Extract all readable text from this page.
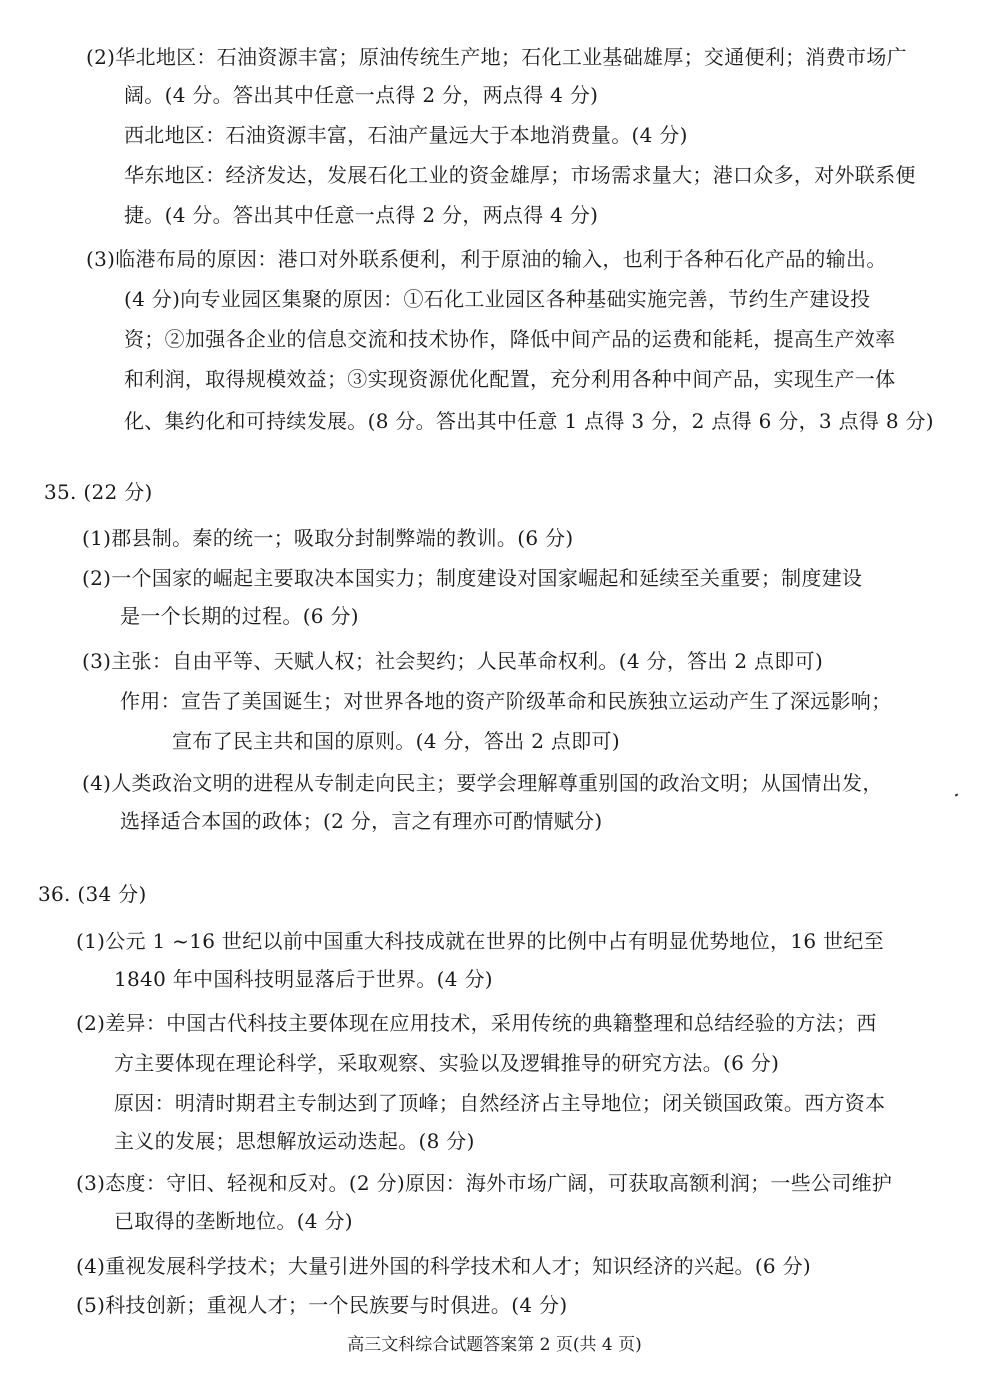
(2)华北地区：石油资源丰富；原油传统生产地；石化工业基础雄厚；交通便利；消费市场广
阔。(4 分。答出其中任意一点得 2 分，两点得 4 分)
西北地区：石油资源丰富，石油产量远大于本地消费量。(4 分)
华东地区：经济发达，发展石化工业的资金雄厚；市场需求量大；港口众多，对外联系便
捷。(4 分。答出其中任意一点得 2 分，两点得 4 分)
(3)临港布局的原因：港口对外联系便利，利于原油的输入，也利于各种石化产品的输出。
(4 分)向专业园区集聚的原因：①石化工业园区各种基础实施完善，节约生产建设投
资；②加强各企业的信息交流和技术协作，降低中间产品的运费和能耗，提高生产效率
和利润，取得规模效益；③实现资源优化配置，充分利用各种中间产品，实现生产一体
化、集约化和可持续发展。(8 分。答出其中任意 1 点得 3 分，2 点得 6 分，3 点得 8 分)
35. (22 分)
(1)郡县制。秦的统一；吸取分封制弊端的教训。(6 分)
(2)一个国家的崛起主要取决本国实力；制度建设对国家崛起和延续至关重要；制度建设
是一个长期的过程。(6 分)
(3)主张：自由平等、天赋人权；社会契约；人民革命权利。(4 分，答出 2 点即可)
作用：宣告了美国诞生；对世界各地的资产阶级革命和民族独立运动产生了深远影响；
宣布了民主共和国的原则。(4 分，答出 2 点即可)
(4)人类政治文明的进程从专制走向民主；要学会理解尊重别国的政治文明；从国情出发，
选择适合本国的政体；(2 分，言之有理亦可酌情赋分)
36. (34 分)
(1)公元 1 ~16 世纪以前中国重大科技成就在世界的比例中占有明显优势地位，16 世纪至
1840 年中国科技明显落后于世界。(4 分)
(2)差异：中国古代科技主要体现在应用技术，采用传统的典籍整理和总结经验的方法；西
方主要体现在理论科学，采取观察、实验以及逻辑推导的研究方法。(6 分)
原因：明清时期君主专制达到了顶峰；自然经济占主导地位；闭关锁国政策。西方资本
主义的发展；思想解放运动迭起。(8 分)
(3)态度：守旧、轻视和反对。(2 分)原因：海外市场广阔，可获取高额利润；一些公司维护
已取得的垄断地位。(4 分)
(4)重视发展科学技术；大量引进外国的科学技术和人才；知识经济的兴起。(6 分)
(5)科技创新；重视人才；一个民族要与时俱进。(4 分)
高三文科综合试题答案第 2 页(共 4 页)
